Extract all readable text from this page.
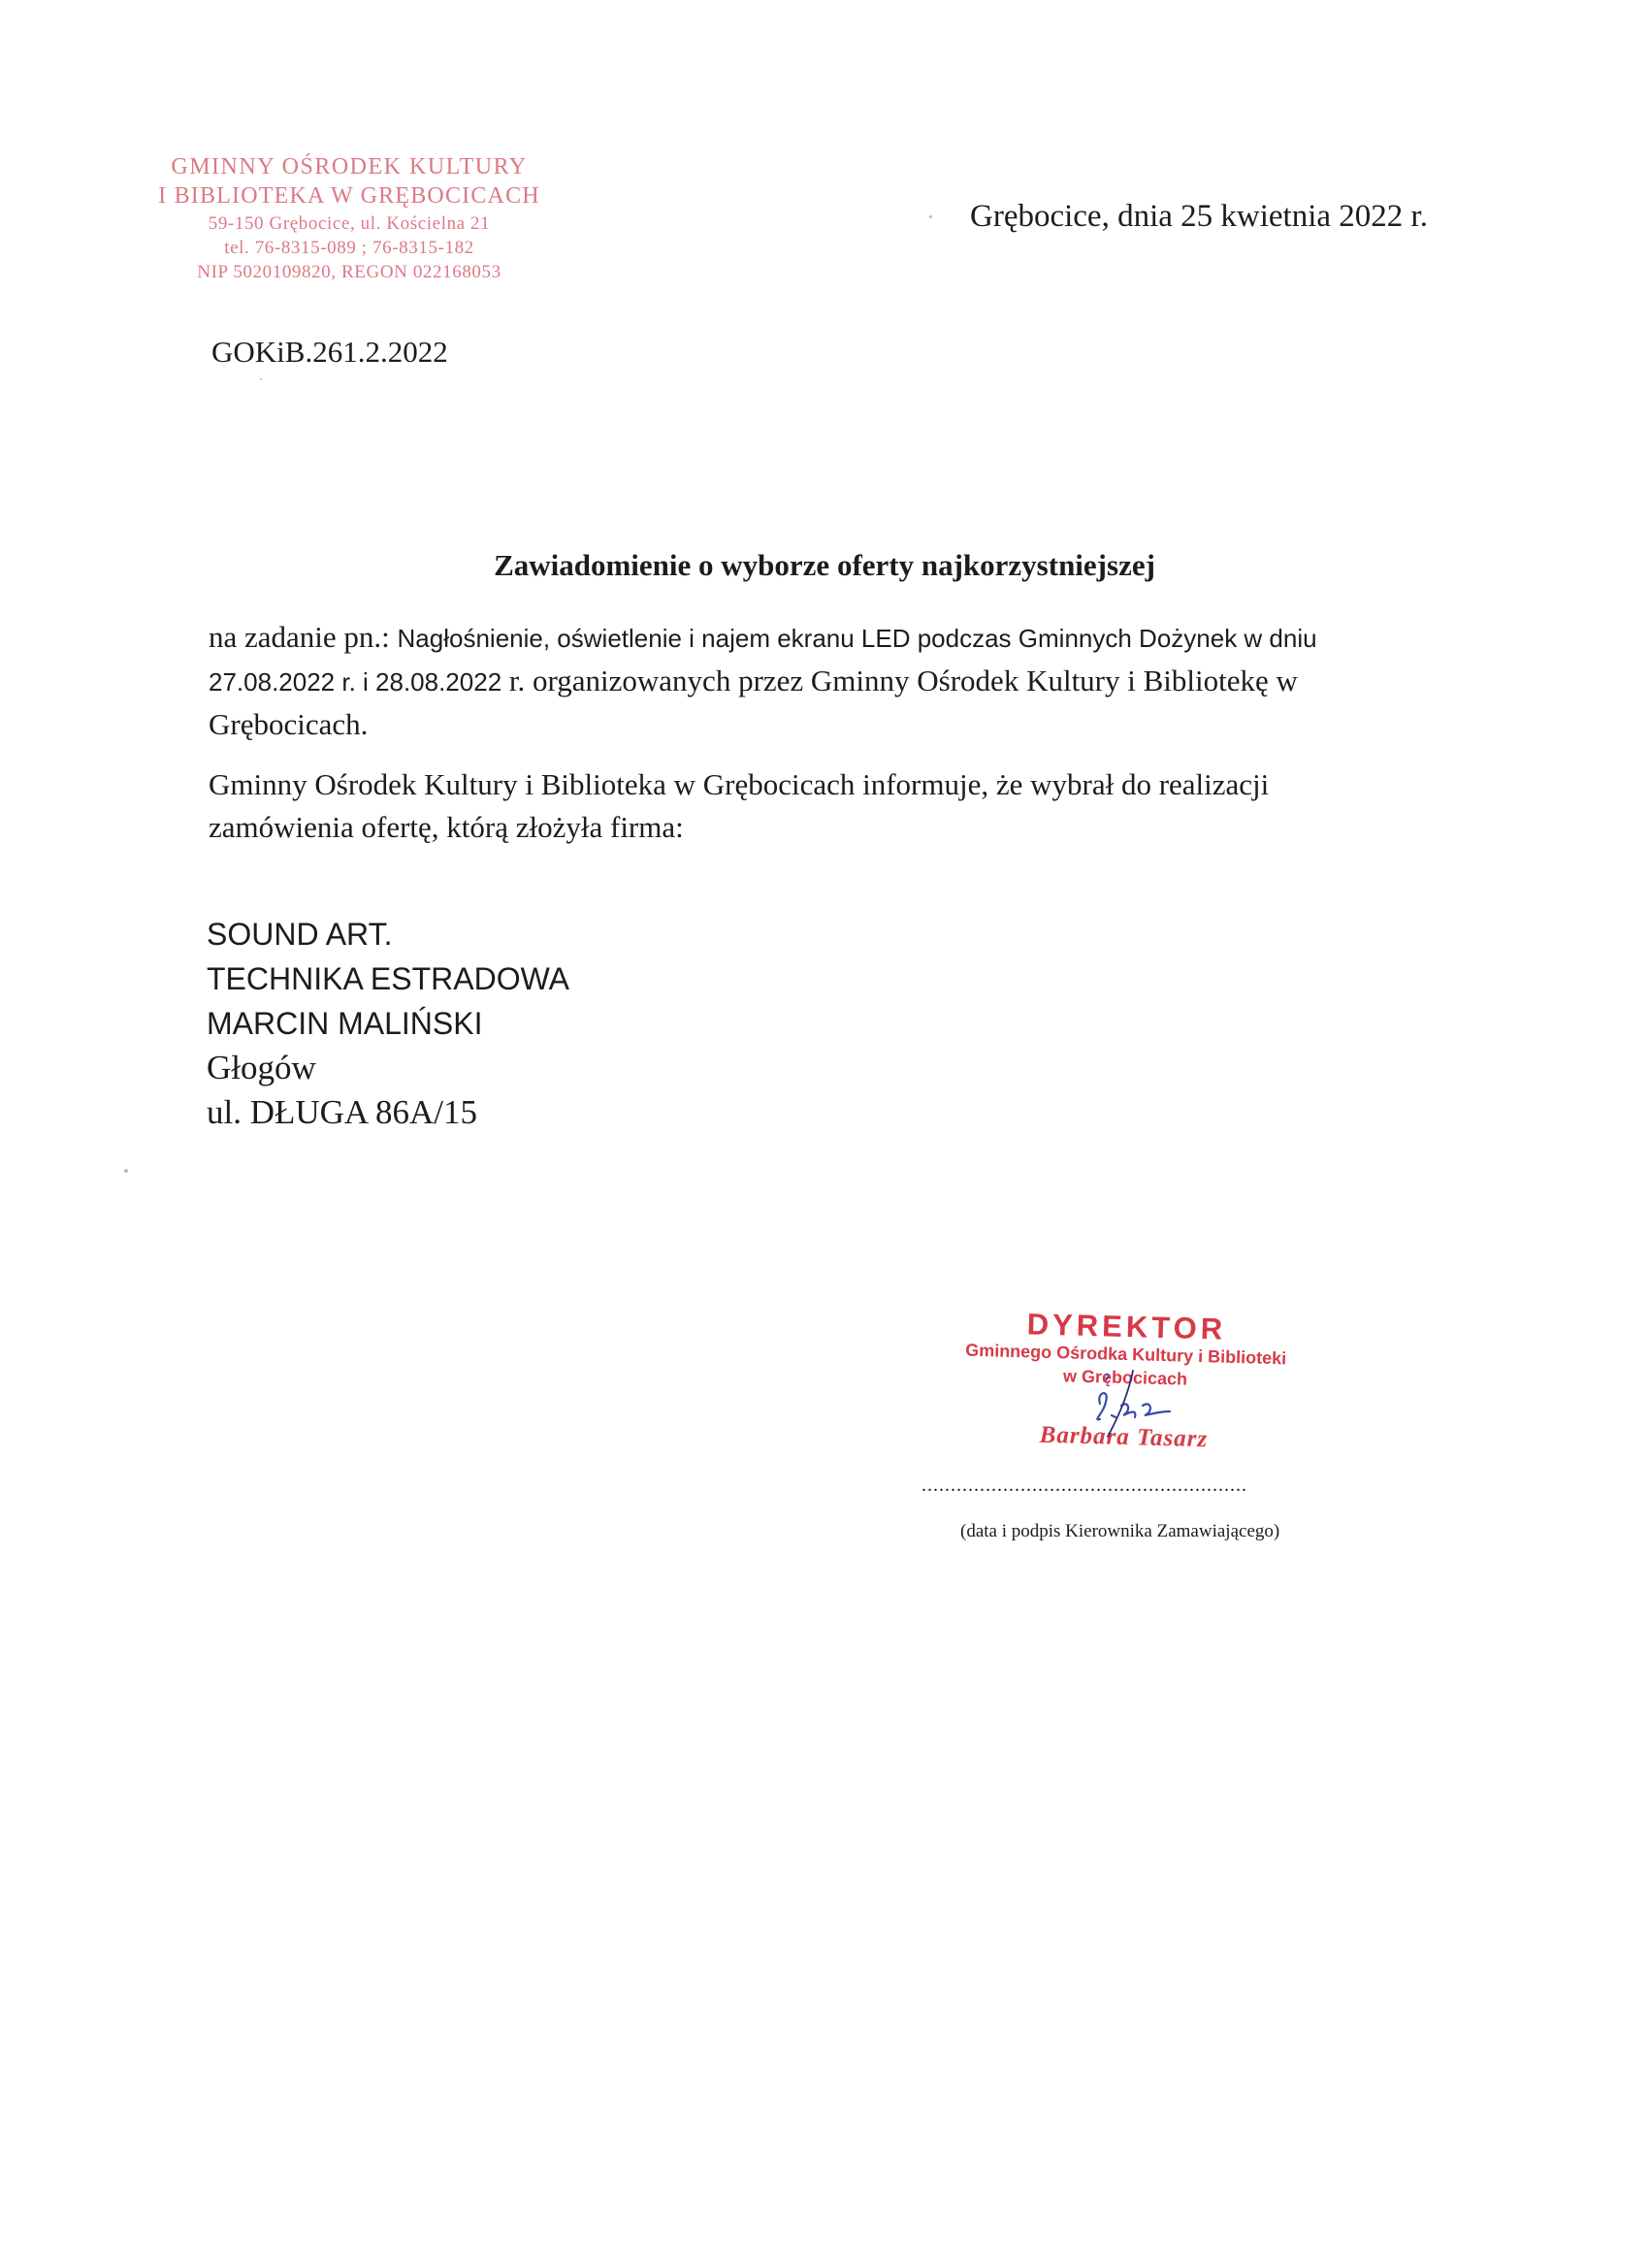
GMINNY OŚRODEK KULTURY
I BIBLIOTEKA W GRĘBOCICACH
59-150 Grębocice, ul. Kościelna 21
tel. 76-8315-089 ; 76-8315-182
NIP 5020109820, REGON 022168053
Grębocice, dnia 25 kwietnia 2022 r.
GOKiB.261.2.2022
Zawiadomienie o wyborze oferty najkorzystniejszej
na zadanie pn.: Nagłośnienie, oświetlenie i najem ekranu LED podczas Gminnych Dożynek w dniu
27.08.2022 r. i 28.08.2022 r. organizowanych przez Gminny Ośrodek Kultury i Bibliotekę w Grębocicach.
Gminny Ośrodek Kultury i Biblioteka w Grębocicach informuje, że wybrał do realizacji zamówienia ofertę, którą złożyła firma:
SOUND ART.
TECHNIKA ESTRADOWA
MARCIN MALIŃSKI
Głogów
ul. DŁUGA 86A/15
DYREKTOR
Gminnego Ośrodka Kultury i Biblioteki
w Grębocicach
Barbara Tasarz
........................................................
(data i podpis Kierownika Zamawiającego)
